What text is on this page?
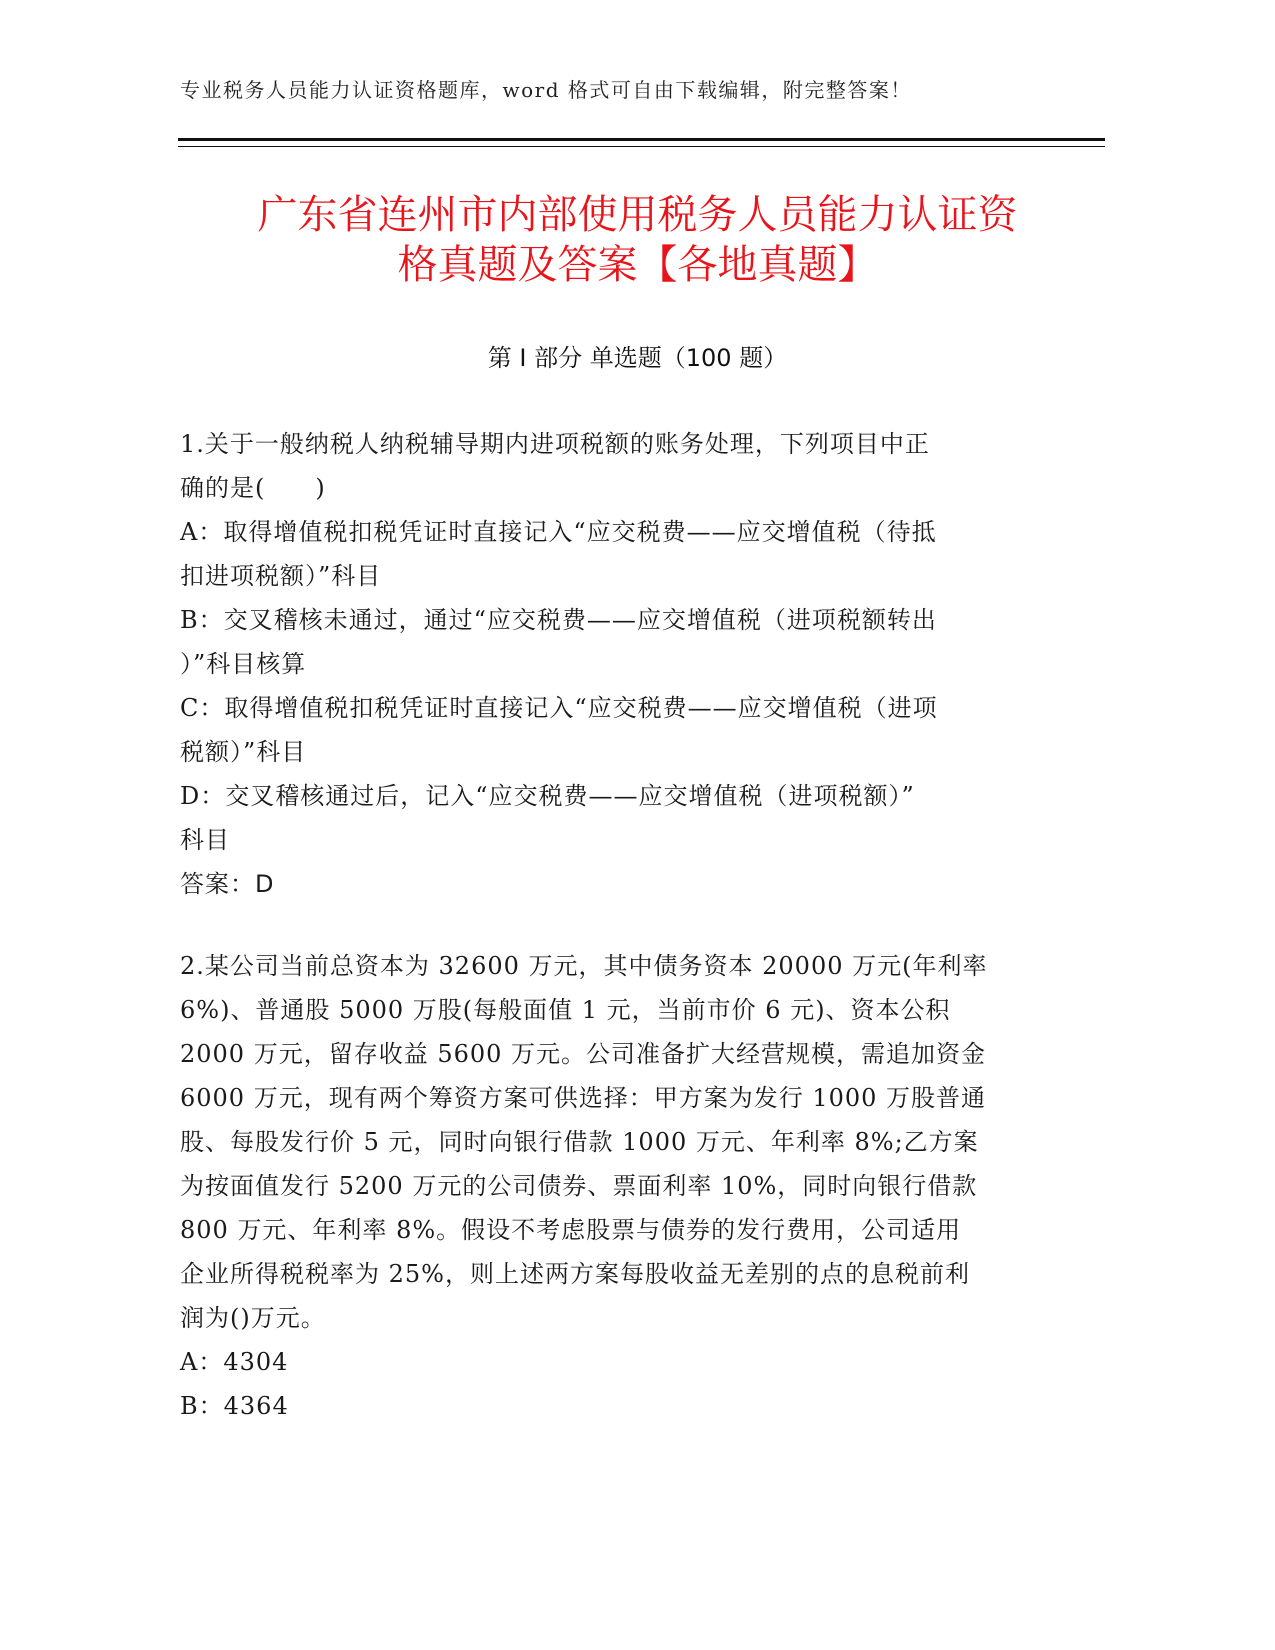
专业税务人员能力认证资格题库，word 格式可自由下载编辑，附完整答案！
广东省连州市内部使用税务人员能力认证资
格真题及答案【各地真题】
第 I 部分 单选题（100 题）
1.关于一般纳税人纳税辅导期内进项税额的账务处理，下列项目中正
确的是(　　)
A：取得增值税扣税凭证时直接记入“应交税费——应交增值税（待抵
扣进项税额）”科目
B：交叉稽核未通过，通过“应交税费——应交增值税（进项税额转出
）”科目核算
C：取得增值税扣税凭证时直接记入“应交税费——应交增值税（进项
税额）”科目
D：交叉稽核通过后，记入“应交税费——应交增值税（进项税额）”
科目
答案：D
2.某公司当前总资本为 32600 万元，其中债务资本 20000 万元(年利率
6%)、普通股 5000 万股(每般面值 1 元，当前市价 6 元)、资本公积
2000 万元，留存收益 5600 万元。公司准备扩大经营规模，需追加资金
6000 万元，现有两个筹资方案可供选择：甲方案为发行 1000 万股普通
股、每股发行价 5 元，同时向银行借款 1000 万元、年利率 8%;乙方案
为按面值发行 5200 万元的公司债券、票面利率 10%，同时向银行借款
800 万元、年利率 8%。假设不考虑股票与债券的发行费用，公司适用
企业所得税税率为 25%，则上述两方案每股收益无差别的点的息税前利
润为()万元。
A：4304
B：4364
